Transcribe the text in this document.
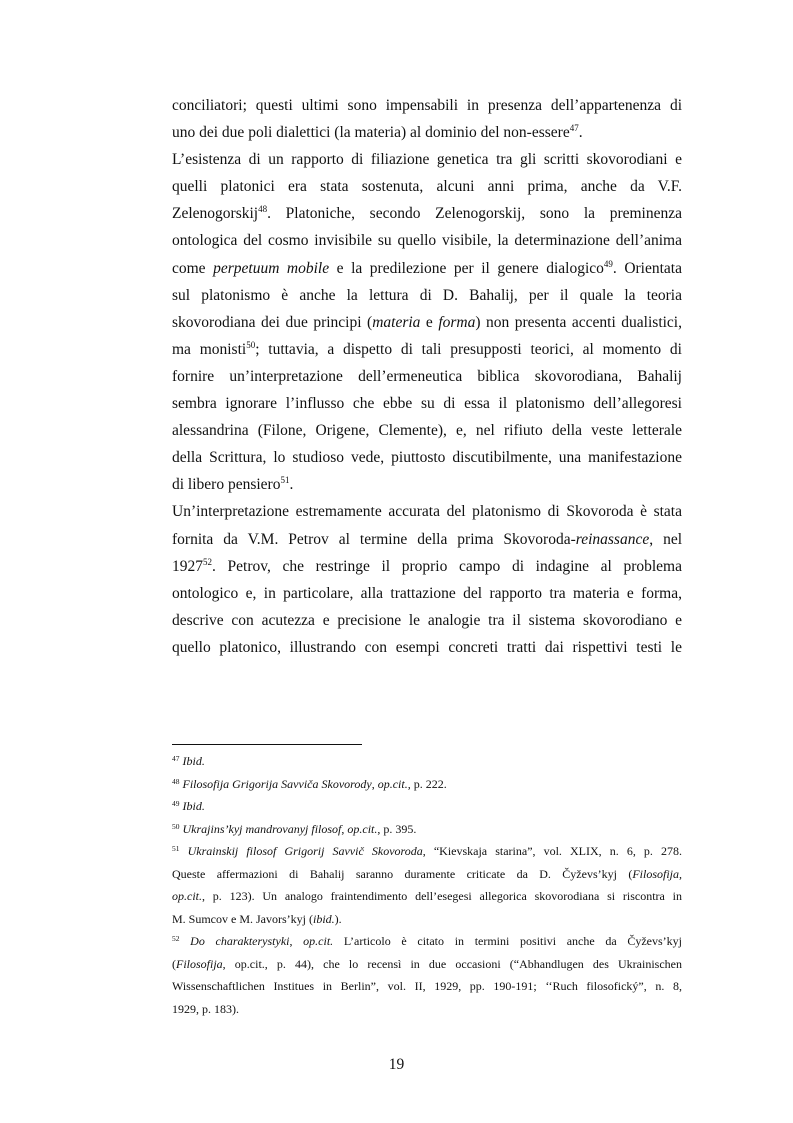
conciliatori; questi ultimi sono impensabili in presenza dell’appartenenza di
uno dei due poli dialettici (la materia) al dominio del non-essere$^{47}$.
L’esistenza di un rapporto di filiazione genetica tra gli scritti skovorodiani e
quelli platonici era stata sostenuta, alcuni anni prima, anche da V.F.
Zelenogorskij$^{48}$. Platoniche, secondo Zelenogorskij, sono la preminenza
ontologica del cosmo invisibile su quello visibile, la determinazione dell’anima
come perpetuum mobile e la predilezione per il genere dialogico$^{49}$. Orientata
sul platonismo è anche la lettura di D. Bahalij, per il quale la teoria
skovorodiana dei due principi (materia e forma) non presenta accenti dualistici,
ma monisti$^{50}$; tuttavia, a dispetto di tali presupposti teorici, al momento di
fornire un’interpretazione dell’ermeneutica biblica skovorodiana, Bahalij
sembra ignorare l’influsso che ebbe su di essa il platonismo dell’allegoresi
alessandrina (Filone, Origene, Clemente), e, nel rifiuto della veste letterale
della Scrittura, lo studioso vede, piuttosto discutibilmente, una manifestazione
di libero pensiero$^{51}$.
Un’interpretazione estremamente accurata del platonismo di Skovoroda è stata
fornita da V.M. Petrov al termine della prima Skovoroda-reinassance, nel
1927$^{52}$. Petrov, che restringe il proprio campo di indagine al problema
ontologico e, in particolare, alla trattazione del rapporto tra materia e forma,
descrive con acutezza e precisione le analogie tra il sistema skovorodiano e
quello platonico, illustrando con esempi concreti tratti dai rispettivi testi le
$^{47}$ Ibid.
$^{48}$ Filosofija Grigorija Savviča Skovorody, op.cit., p. 222.
$^{49}$ Ibid.
$^{50}$ Ukrajins’kyj mandrovanyj filosof, op.cit., p. 395.
$^{51}$ Ukrainskij filosof Grigorij Savvič Skovoroda, “Kievskaja starina”, vol. XLIX, n. 6, p. 278.
Queste affermazioni di Bahalij saranno duramente criticate da D. Čyževs’kyj (Filosofija,
op.cit., p. 123). Un analogo fraintendimento dell’esegesi allegorica skovorodiana si riscontra in
M. Sumcov e M. Javors’kyj (ibid.).
$^{52}$ Do charakterystyki, op.cit. L’articolo è citato in termini positivi anche da Čyževs’kyj
(Filosofija, op.cit., p. 44), che lo recensì in due occasioni (“Abhandlugen des Ukrainischen
Wissenschaftlichen Institues in Berlin”, vol. II, 1929, pp. 190-191; ‘‘Ruch filosofický”, n. 8,
1929, p. 183).
19
